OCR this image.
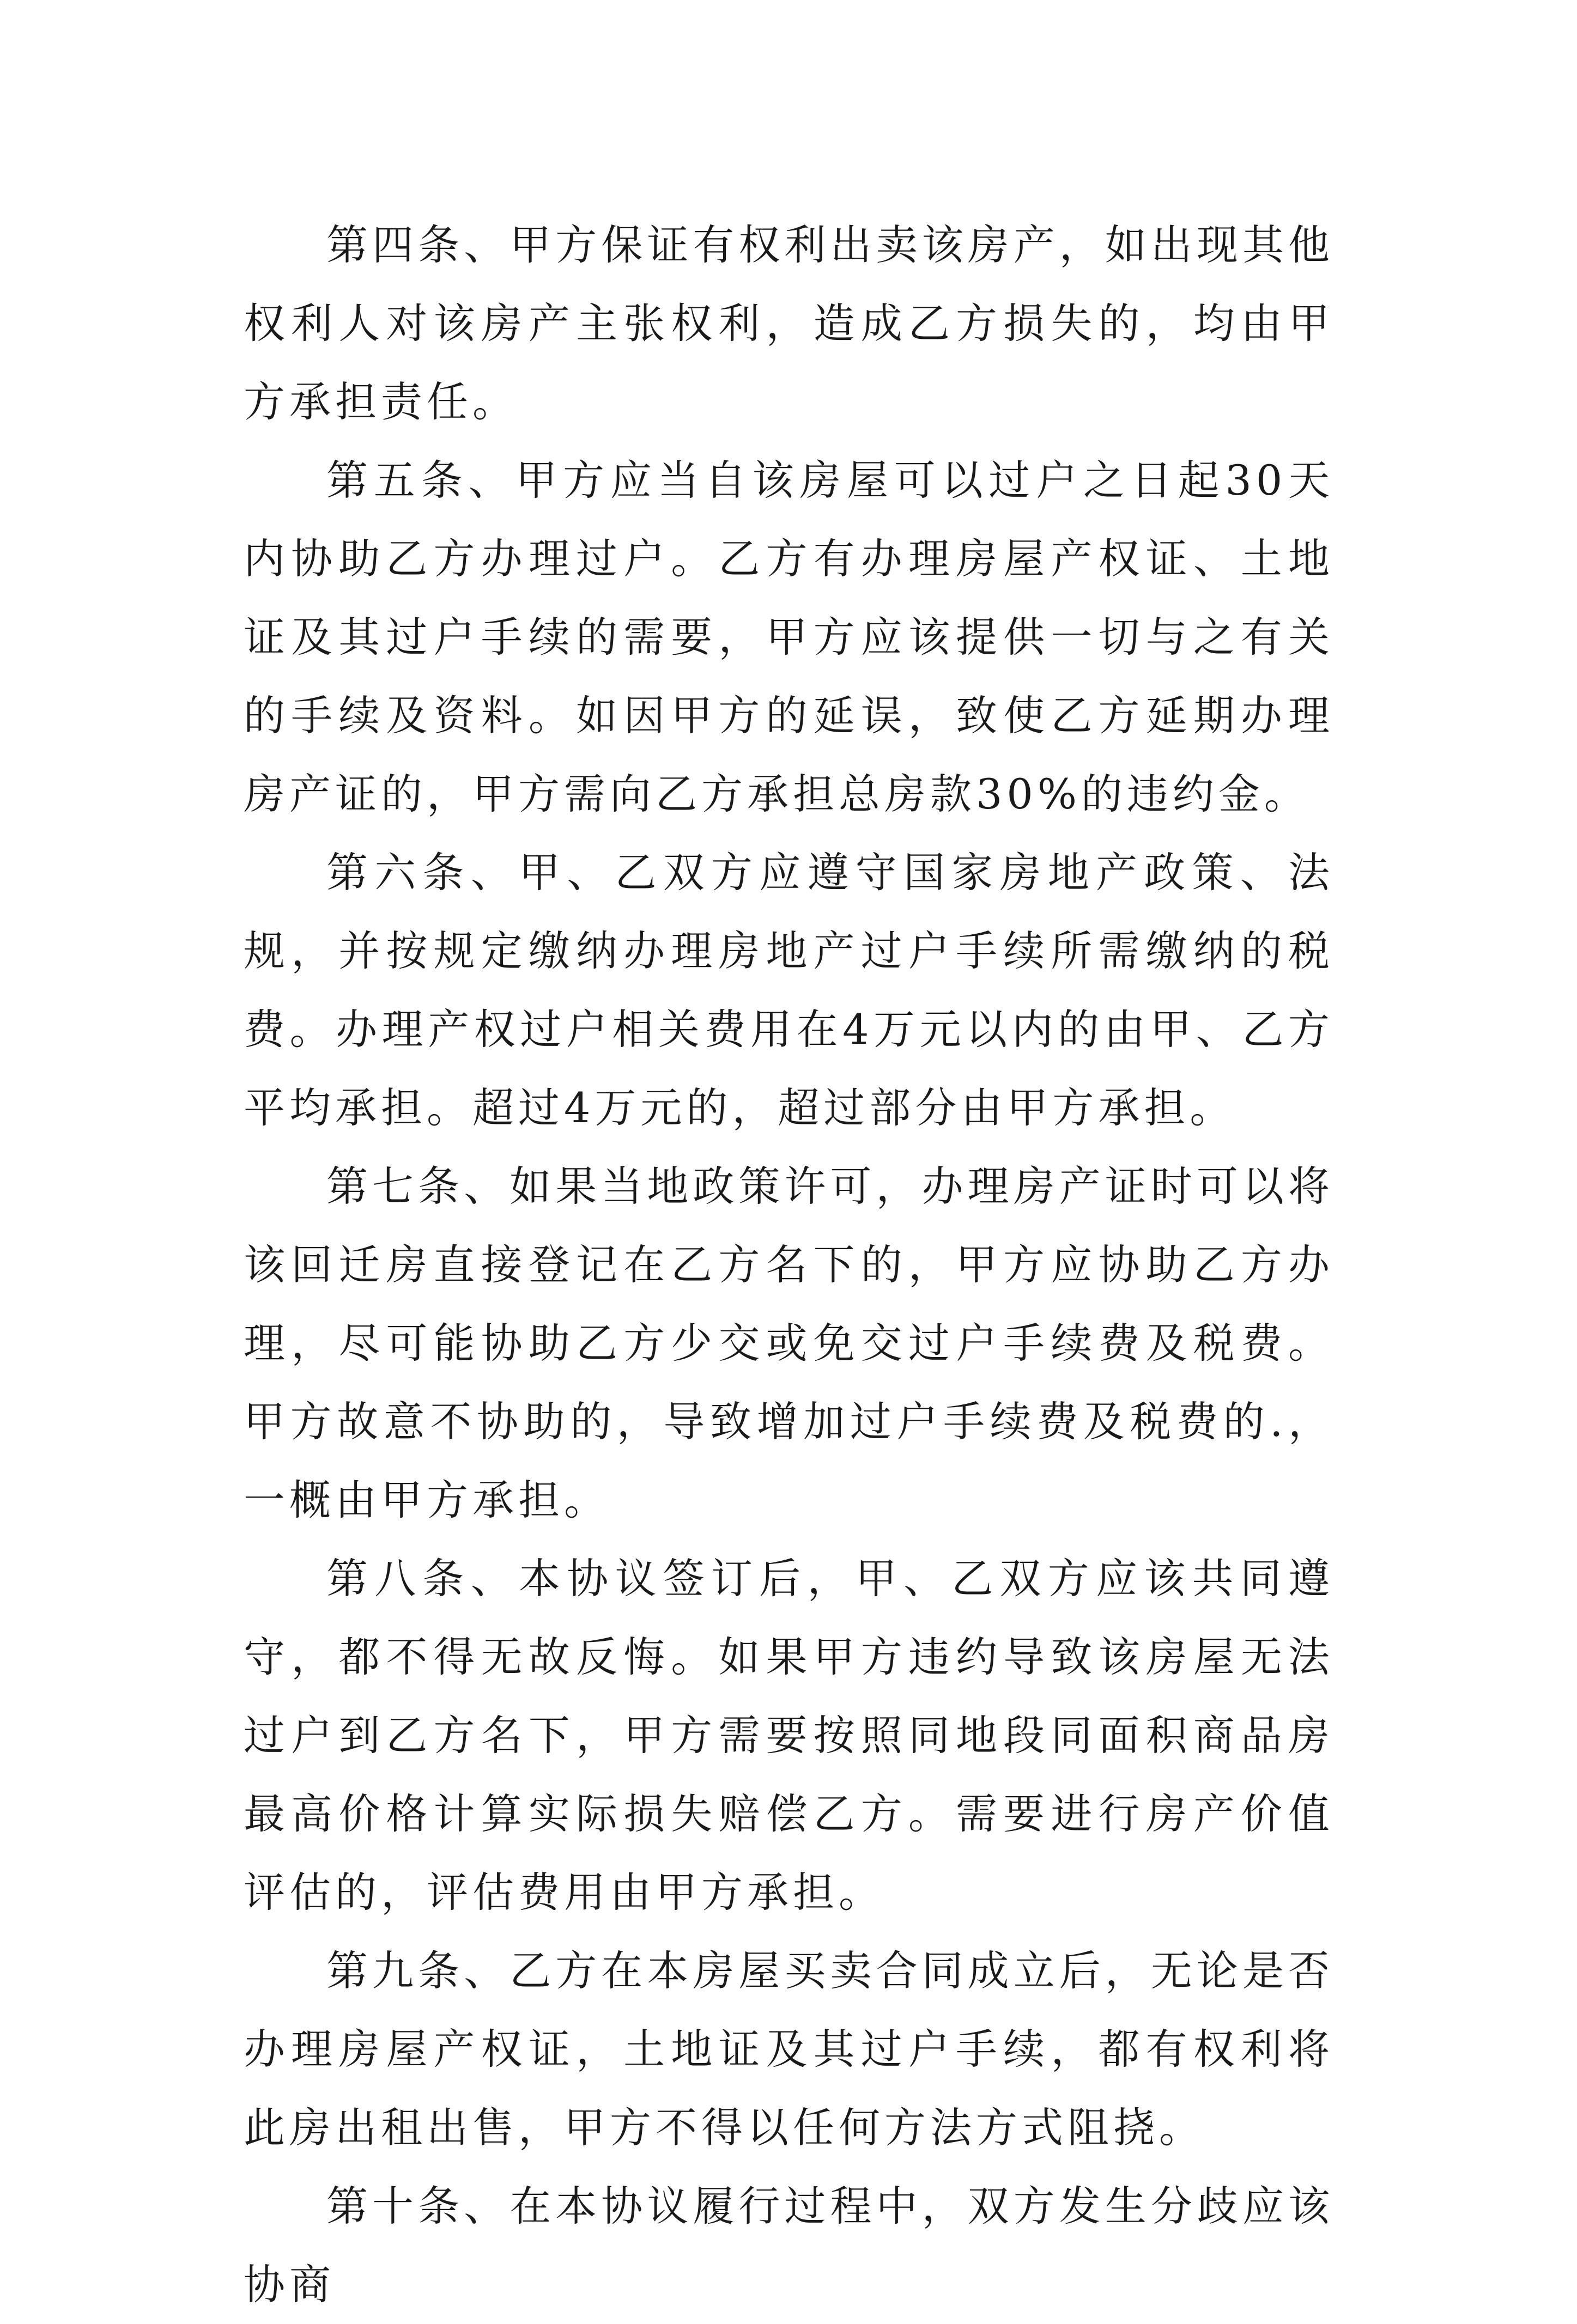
第四条、甲方保证有权利出卖该房产，如出现其他权利人对该房产主张权利，造成乙方损失的，均由甲方承担责任。

第五条、甲方应当自该房屋可以过户之日起30天内协助乙方办理过户。乙方有办理房屋产权证、土地证及其过户手续的需要，甲方应该提供一切与之有关的手续及资料。如因甲方的延误，致使乙方延期办理房产证的，甲方需向乙方承担总房款30%的违约金。

第六条、甲、乙双方应遵守国家房地产政策、法规，并按规定缴纳办理房地产过户手续所需缴纳的税费。办理产权过户相关费用在4万元以内的由甲、乙方平均承担。超过4万元的，超过部分由甲方承担。

第七条、如果当地政策许可，办理房产证时可以将该回迁房直接登记在乙方名下的，甲方应协助乙方办理，尽可能协助乙方少交或免交过户手续费及税费。甲方故意不协助的，导致增加过户手续费及税费的.，一概由甲方承担。

第八条、本协议签订后，甲、乙双方应该共同遵守，都不得无故反悔。如果甲方违约导致该房屋无法过户到乙方名下，甲方需要按照同地段同面积商品房最高价格计算实际损失赔偿乙方。需要进行房产价值评估的，评估费用由甲方承担。

第九条、乙方在本房屋买卖合同成立后，无论是否办理房屋产权证，土地证及其过户手续，都有权利将此房出租出售，甲方不得以任何方法方式阻挠。

第十条、在本协议履行过程中，双方发生分歧应该协商
